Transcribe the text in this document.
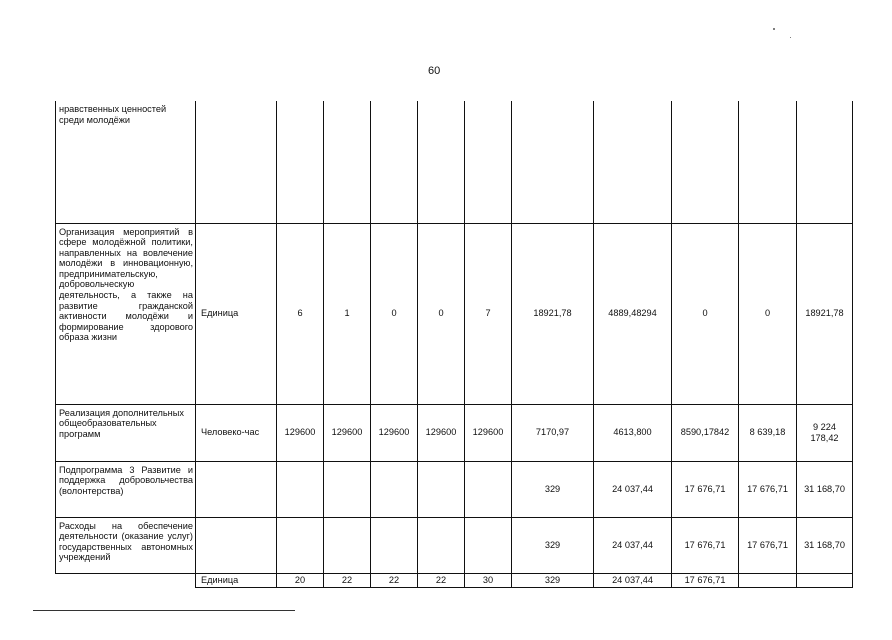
60
нравственных ценностей среди молодёжи											
Организация мероприятий в сфере молодёжной политики, направленных на вовлечение молодёжи в инновационную, предпринимательскую, добровольческую деятельность, а также на развитие гражданской активности молодёжи и формирование здорового образа жизни	Единица	6	1	0	0	7	18921,78	4889,48294	0	0	18921,78
Реализация дополнительных общеобразовательных программ	Человеко-час	129600	129600	129600	129600	129600	7170,97	4613,800	8590,17842	8 639,18	9 224 178,42
Подпрограмма 3 Развитие и поддержка добровольчества (волонтерства)							329	24 037,44	17 676,71	17 676,71	31 168,70
Расходы на обеспечение деятельности (оказание услуг) государственных автономных учреждений							329	24 037,44	17 676,71	17 676,71	31 168,70
	Единица	20	22	22	22	30	329	24 037,44	17 676,71		
